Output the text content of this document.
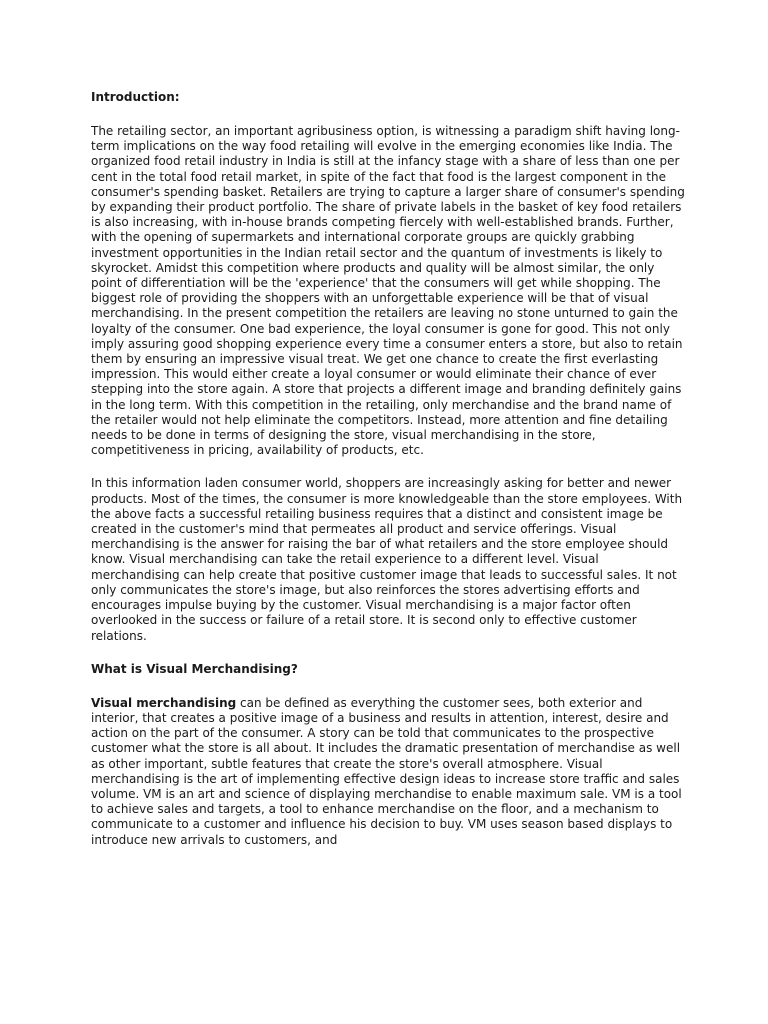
Introduction:

The retailing sector, an important agribusiness option, is witnessing a paradigm shift having long-term implications on the way food retailing will evolve in the emerging economies like India. The organized food retail industry in India is still at the infancy stage with a share of less than one per cent in the total food retail market, in spite of the fact that food is the largest component in the consumer's spending basket. Retailers are trying to capture a larger share of consumer's spending by expanding their product portfolio. The share of private labels in the basket of key food retailers is also increasing, with in-house brands competing fiercely with well-established brands. Further, with the opening of supermarkets and international corporate groups are quickly grabbing investment opportunities in the Indian retail sector and the quantum of investments is likely to skyrocket. Amidst this competition where products and quality will be almost similar, the only point of differentiation will be the 'experience' that the consumers will get while shopping. The biggest role of providing the shoppers with an unforgettable experience will be that of visual merchandising. In the present competition the retailers are leaving no stone unturned to gain the loyalty of the consumer. One bad experience, the loyal consumer is gone for good. This not only imply assuring good shopping experience every time a consumer enters a store, but also to retain them by ensuring an impressive visual treat. We get one chance to create the first everlasting impression. This would either create a loyal consumer or would eliminate their chance of ever stepping into the store again. A store that projects a different image and branding definitely gains in the long term. With this competition in the retailing, only merchandise and the brand name of the retailer would not help eliminate the competitors. Instead, more attention and fine detailing needs to be done in terms of designing the store, visual merchandising in the store, competitiveness in pricing, availability of products, etc.

In this information laden consumer world, shoppers are increasingly asking for better and newer products. Most of the times, the consumer is more knowledgeable than the store employees. With the above facts a successful retailing business requires that a distinct and consistent image be created in the customer's mind that permeates all product and service offerings. Visual merchandising is the answer for raising the bar of what retailers and the store employee should know. Visual merchandising can take the retail experience to a different level. Visual merchandising can help create that positive customer image that leads to successful sales. It not only communicates the store's image, but also reinforces the stores advertising efforts and encourages impulse buying by the customer. Visual merchandising is a major factor often overlooked in the success or failure of a retail store. It is second only to effective customer relations.

What is Visual Merchandising?

Visual merchandising can be defined as everything the customer sees, both exterior and interior, that creates a positive image of a business and results in attention, interest, desire and action on the part of the consumer. A story can be told that communicates to the prospective customer what the store is all about. It includes the dramatic presentation of merchandise as well as other important, subtle features that create the store's overall atmosphere. Visual merchandising is the art of implementing effective design ideas to increase store traffic and sales volume. VM is an art and science of displaying merchandise to enable maximum sale. VM is a tool to achieve sales and targets, a tool to enhance merchandise on the floor, and a mechanism to communicate to a customer and influence his decision to buy. VM uses season based displays to introduce new arrivals to customers, and
